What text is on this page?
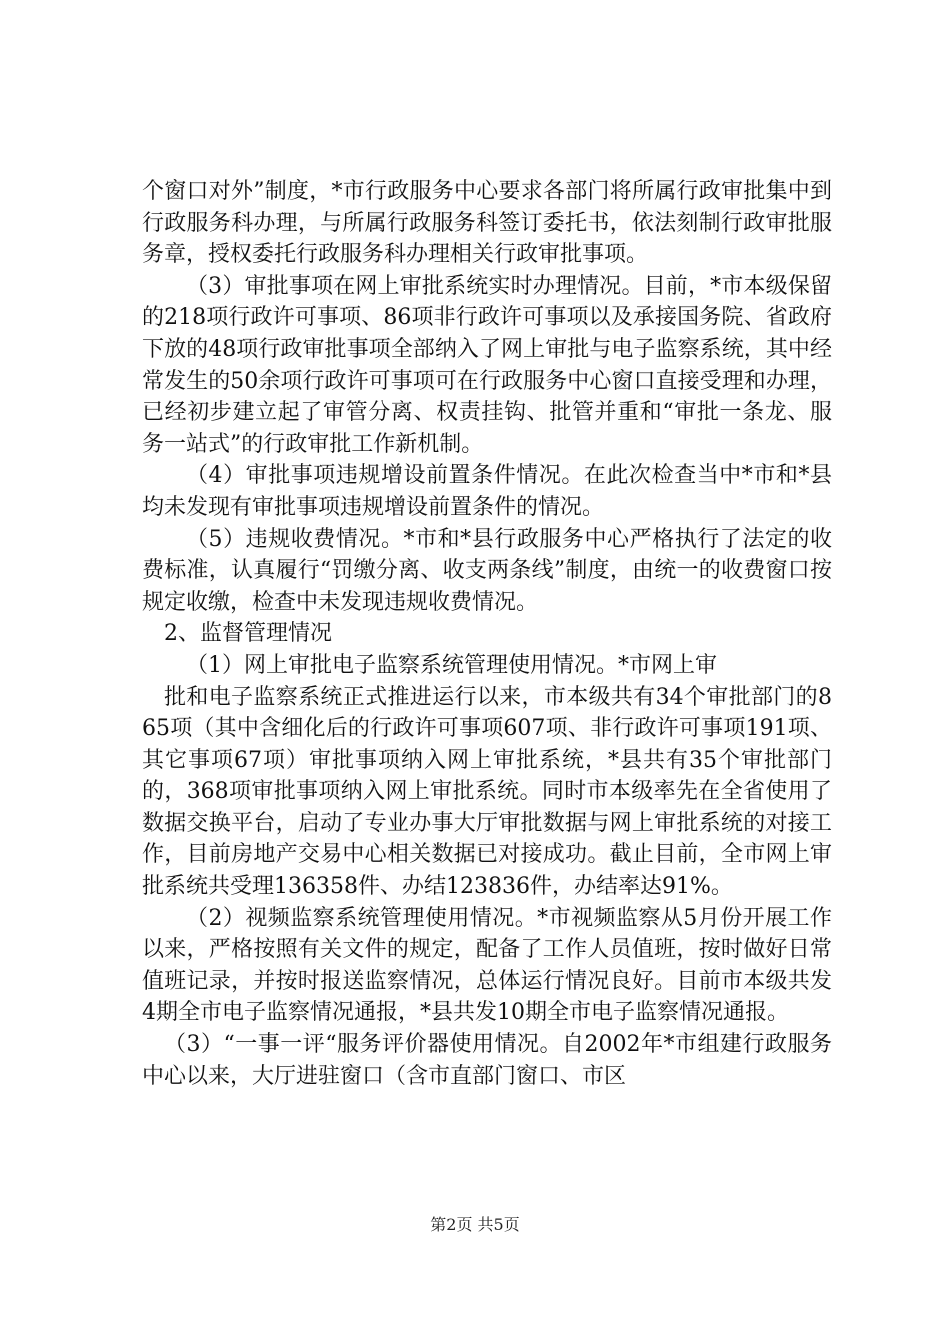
个窗口对外”制度，*市行政服务中心要求各部门将所属行政审批集中到行政服务科办理，与所属行政服务科签订委托书，依法刻制行政审批服务章，授权委托行政服务科办理相关行政审批事项。

（3）审批事项在网上审批系统实时办理情况。目前，*市本级保留的218项行政许可事项、86项非行政许可事项以及承接国务院、省政府下放的48项行政审批事项全部纳入了网上审批与电子监察系统，其中经常发生的50余项行政许可事项可在行政服务中心窗口直接受理和办理，已经初步建立起了审管分离、权责挂钩、批管并重和“审批一条龙、服务一站式”的行政审批工作新机制。

（4）审批事项违规增设前置条件情况。在此次检查当中*市和*县均未发现有审批事项违规增设前置条件的情况。

（5）违规收费情况。*市和*县行政服务中心严格执行了法定的收费标准，认真履行“罚缴分离、收支两条线”制度，由统一的收费窗口按规定收缴，检查中未发现违规收费情况。

2、监督管理情况

（1）网上审批电子监察系统管理使用情况。*市网上审

批和电子监察系统正式推进运行以来，市本级共有34个审批部门的865项（其中含细化后的行政许可事项607项、非行政许可事项191项、其它事项67项）审批事项纳入网上审批系统，*县共有35个审批部门的，368项审批事项纳入网上审批系统。同时市本级率先在全省使用了数据交换平台，启动了专业办事大厅审批数据与网上审批系统的对接工作，目前房地产交易中心相关数据已对接成功。截止目前，全市网上审批系统共受理136358件、办结123836件，办结率达91%。

（2）视频监察系统管理使用情况。*市视频监察从5月份开展工作以来，严格按照有关文件的规定，配备了工作人员值班，按时做好日常值班记录，并按时报送监察情况，总体运行情况良好。目前市本级共发4期全市电子监察情况通报，*县共发10期全市电子监察情况通报。

（3）“一事一评“服务评价器使用情况。自2002年*市组建行政服务中心以来，大厅进驻窗口（含市直部门窗口、市区

第2页 共5页
